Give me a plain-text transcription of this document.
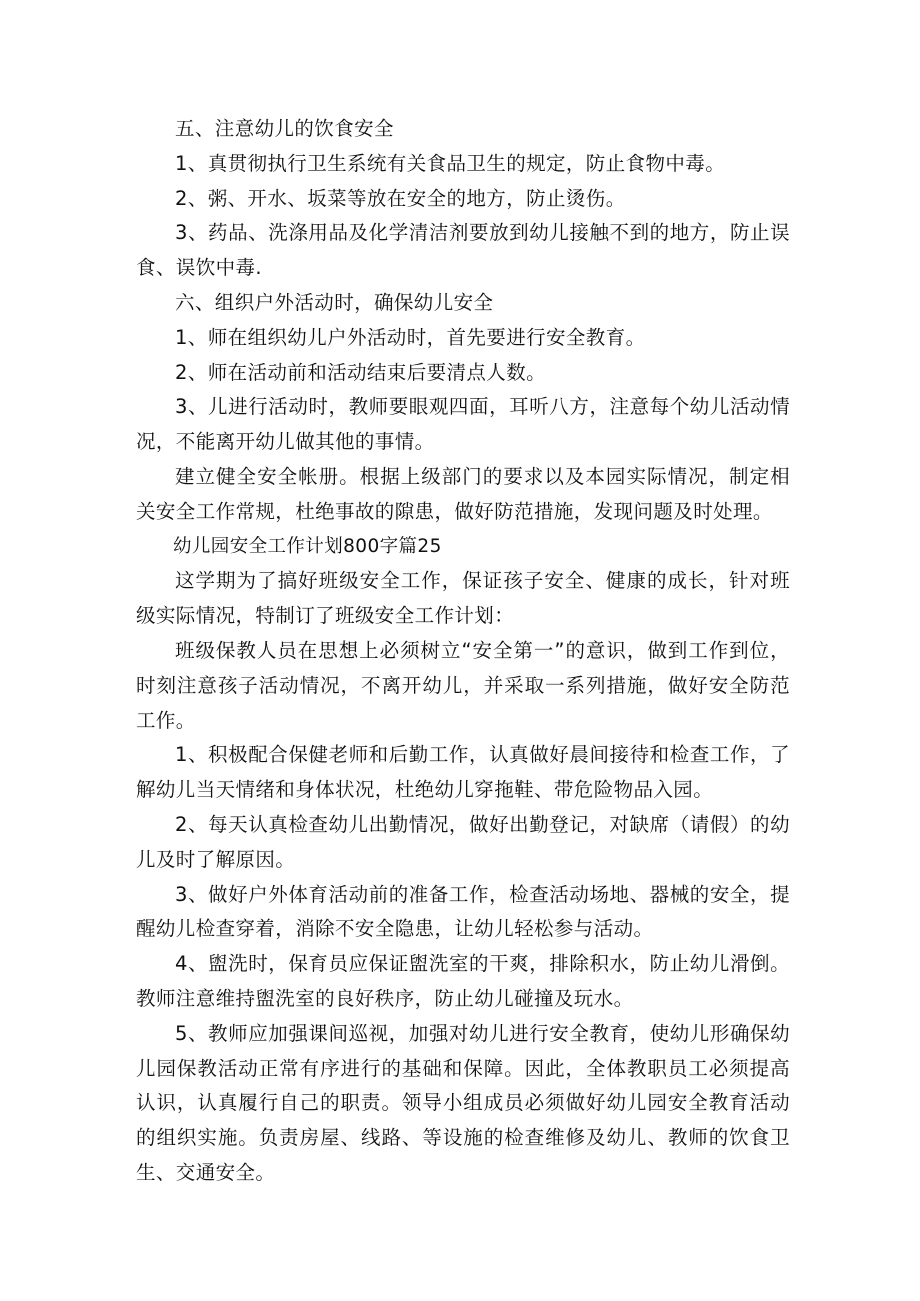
五、注意幼儿的饮食安全

1、真贯彻执行卫生系统有关食品卫生的规定，防止食物中毒。

2、粥、开水、坂菜等放在安全的地方，防止烫伤。

3、药品、洗涤用品及化学清洁剂要放到幼儿接触不到的地方，防止误食、误饮中毒.

六、组织户外活动时，确保幼儿安全

1、师在组织幼儿户外活动时，首先要进行安全教育。

2、师在活动前和活动结束后要清点人数。

3、儿进行活动时，教师要眼观四面，耳听八方，注意每个幼儿活动情况，不能离开幼儿做其他的事情。

建立健全安全帐册。根据上级部门的要求以及本园实际情况，制定相关安全工作常规，杜绝事故的隙患，做好防范措施，发现问题及时处理。

幼儿园安全工作计划800字篇25

这学期为了搞好班级安全工作，保证孩子安全、健康的成长，针对班级实际情况，特制订了班级安全工作计划：

班级保教人员在思想上必须树立“安全第一”的意识，做到工作到位，时刻注意孩子活动情况，不离开幼儿，并采取一系列措施，做好安全防范工作。

1、积极配合保健老师和后勤工作，认真做好晨间接待和检查工作，了解幼儿当天情绪和身体状况，杜绝幼儿穿拖鞋、带危险物品入园。

2、每天认真检查幼儿出勤情况，做好出勤登记，对缺席（请假）的幼儿及时了解原因。

3、做好户外体育活动前的准备工作，检查活动场地、器械的安全，提醒幼儿检查穿着，消除不安全隐患，让幼儿轻松参与活动。

4、盥洗时，保育员应保证盥洗室的干爽，排除积水，防止幼儿滑倒。教师注意维持盥洗室的良好秩序，防止幼儿碰撞及玩水。

5、教师应加强课间巡视，加强对幼儿进行安全教育，使幼儿形确保幼儿园保教活动正常有序进行的基础和保障。因此，全体教职员工必须提高认识，认真履行自己的职责。领导小组成员必须做好幼儿园安全教育活动的组织实施。负责房屋、线路、等设施的检查维修及幼儿、教师的饮食卫生、交通安全。
